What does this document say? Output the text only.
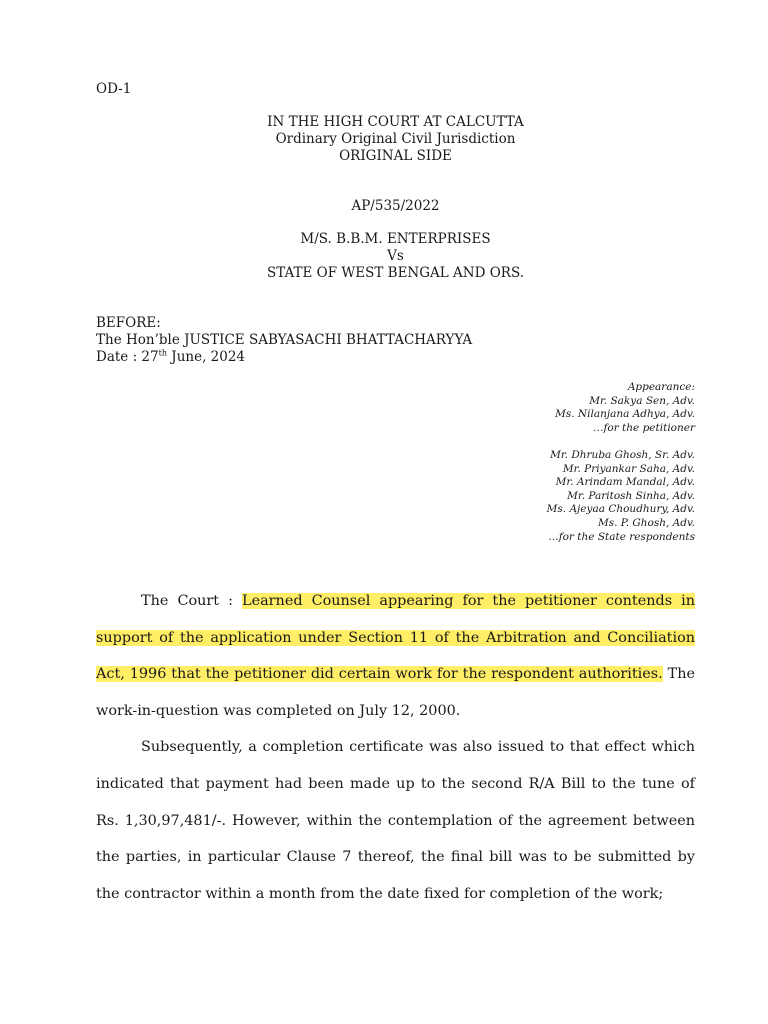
OD-1
IN THE HIGH COURT AT CALCUTTA
Ordinary Original Civil Jurisdiction
ORIGINAL SIDE
AP/535/2022
M/S. B.B.M. ENTERPRISES
Vs
STATE OF WEST BENGAL AND ORS.
BEFORE:
The Hon’ble JUSTICE SABYASACHI BHATTACHARYYA
Date : 27th June, 2024
Appearance:
Mr. Sakya Sen, Adv.
Ms. Nilanjana Adhya, Adv.
…for the petitioner
Mr. Dhruba Ghosh, Sr. Adv.
Mr. Priyankar Saha, Adv.
Mr. Arindam Mandal, Adv.
Mr. Paritosh Sinha, Adv.
Ms. Ajeyaa Choudhury, Adv.
Ms. P. Ghosh, Adv.
…for the State respondents

The Court : Learned Counsel appearing for the petitioner contends in support of the application under Section 11 of the Arbitration and Conciliation Act, 1996 that the petitioner did certain work for the respondent authorities. The work-in-question was completed on July 12, 2000.

Subsequently, a completion certificate was also issued to that effect which indicated that payment had been made up to the second R/A Bill to the tune of Rs. 1,30,97,481/-. However, within the contemplation of the agreement between the parties, in particular Clause 7 thereof, the final bill was to be submitted by the contractor within a month from the date fixed for completion of the work;
